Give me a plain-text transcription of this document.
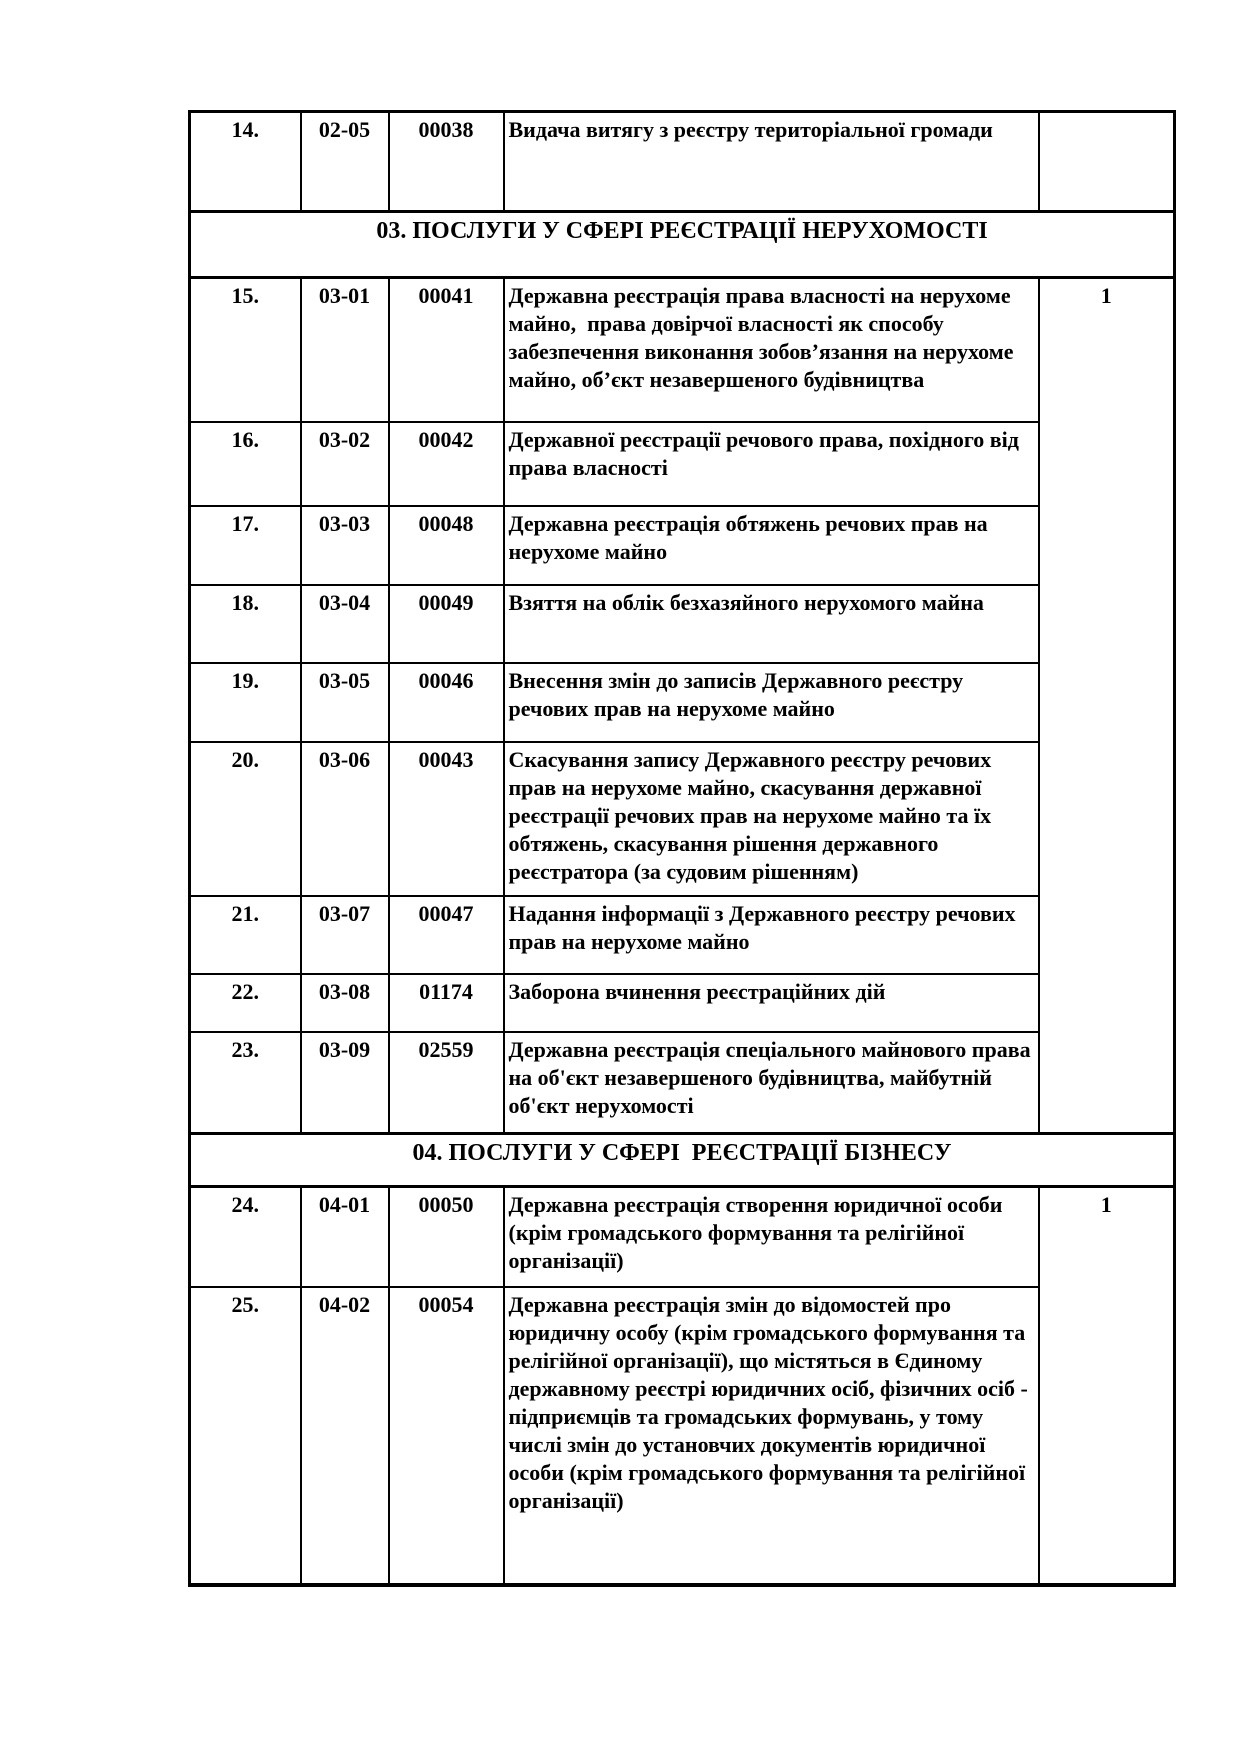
14.	02-05	00038	Видача витягу з реєстру територіальної громади	
03. ПОСЛУГИ У СФЕРІ РЕЄСТРАЦІЇ НЕРУХОМОСТІ				
15.	03-01	00041	Державна реєстрація права власності на нерухоме майно,  права довірчої власності як способу забезпечення виконання зобов’язання на нерухоме майно, об’єкт незавершеного будівництва	1
16.	03-02	00042	Державної реєстрації речового права, похідного від права власності	
17.	03-03	00048	Державна реєстрація обтяжень речових прав на нерухоме майно	
18.	03-04	00049	Взяття на облік безхазяйного нерухомого майна	
19.	03-05	00046	Внесення змін до записів Державного реєстру речових прав на нерухоме майно	
20.	03-06	00043	Скасування запису Державного реєстру речових прав на нерухоме майно, скасування державної реєстрації речових прав на нерухоме майно та їх обтяжень, скасування рішення державного реєстратора (за судовим рішенням)	
21.	03-07	00047	Надання інформації з Державного реєстру речових прав на нерухоме майно	
22.	03-08	01174	Заборона вчинення реєстраційних дій	
23.	03-09	02559	Державна реєстрація спеціального майнового права на об'єкт незавершеного будівництва, майбутній об'єкт нерухомості	
04. ПОСЛУГИ У СФЕРІ  РЕЄСТРАЦІЇ БІЗНЕСУ				
24.	04-01	00050	Державна реєстрація створення юридичної особи (крім громадського формування та релігійної організації)	1
25.	04-02	00054	Державна реєстрація змін до відомостей про юридичну особу (крім громадського формування та релігійної організації), що містяться в Єдиному державному реєстрі юридичних осіб, фізичних осіб - підприємців та громадських формувань, у тому числі змін до установчих документів юридичної особи (крім громадського формування та релігійної організації)	
